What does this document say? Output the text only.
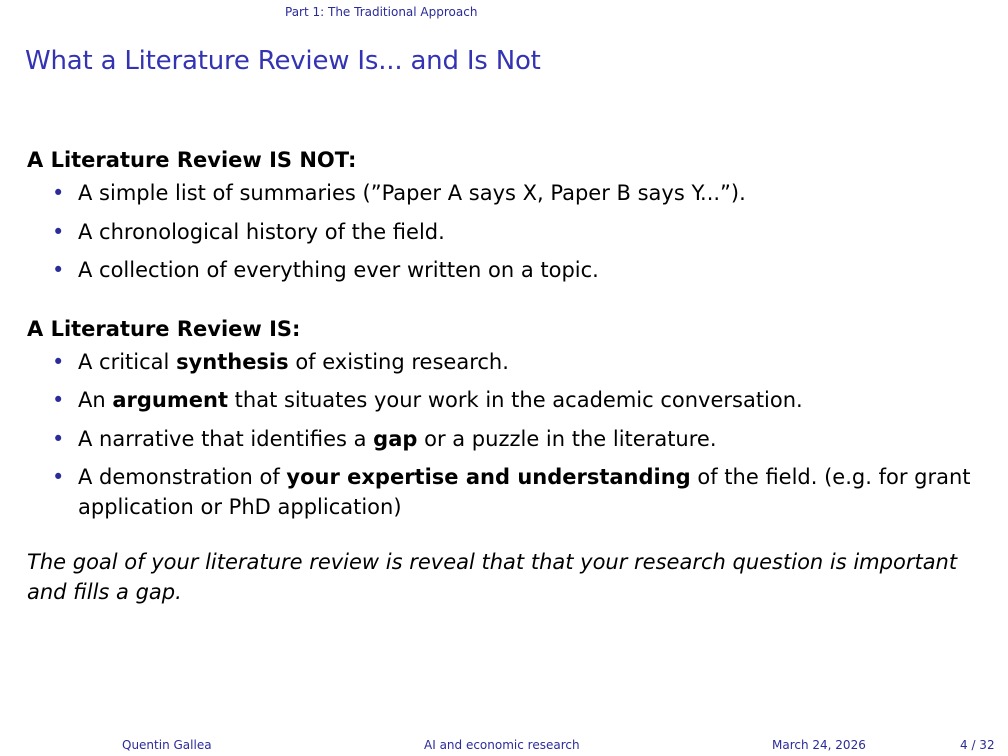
Part 1: The Traditional Approach
What a Literature Review Is... and Is Not

A Literature Review IS NOT:

•
A simple list of summaries (”Paper A says X, Paper B says Y...”).
•
A chronological history of the field.
•
A collection of everything ever written on a topic.

A Literature Review IS:

•
A critical synthesis of existing research.
•
An argument that situates your work in the academic conversation.
•
A narrative that identifies a gap or a puzzle in the literature.
•
A demonstration of your expertise and understanding of the field. (e.g. for grant application or PhD application)

The goal of your literature review is reveal that that your research question is important and fills a gap.

Quentin Gallea	AI and economic research	March 24, 2026	4 / 32
